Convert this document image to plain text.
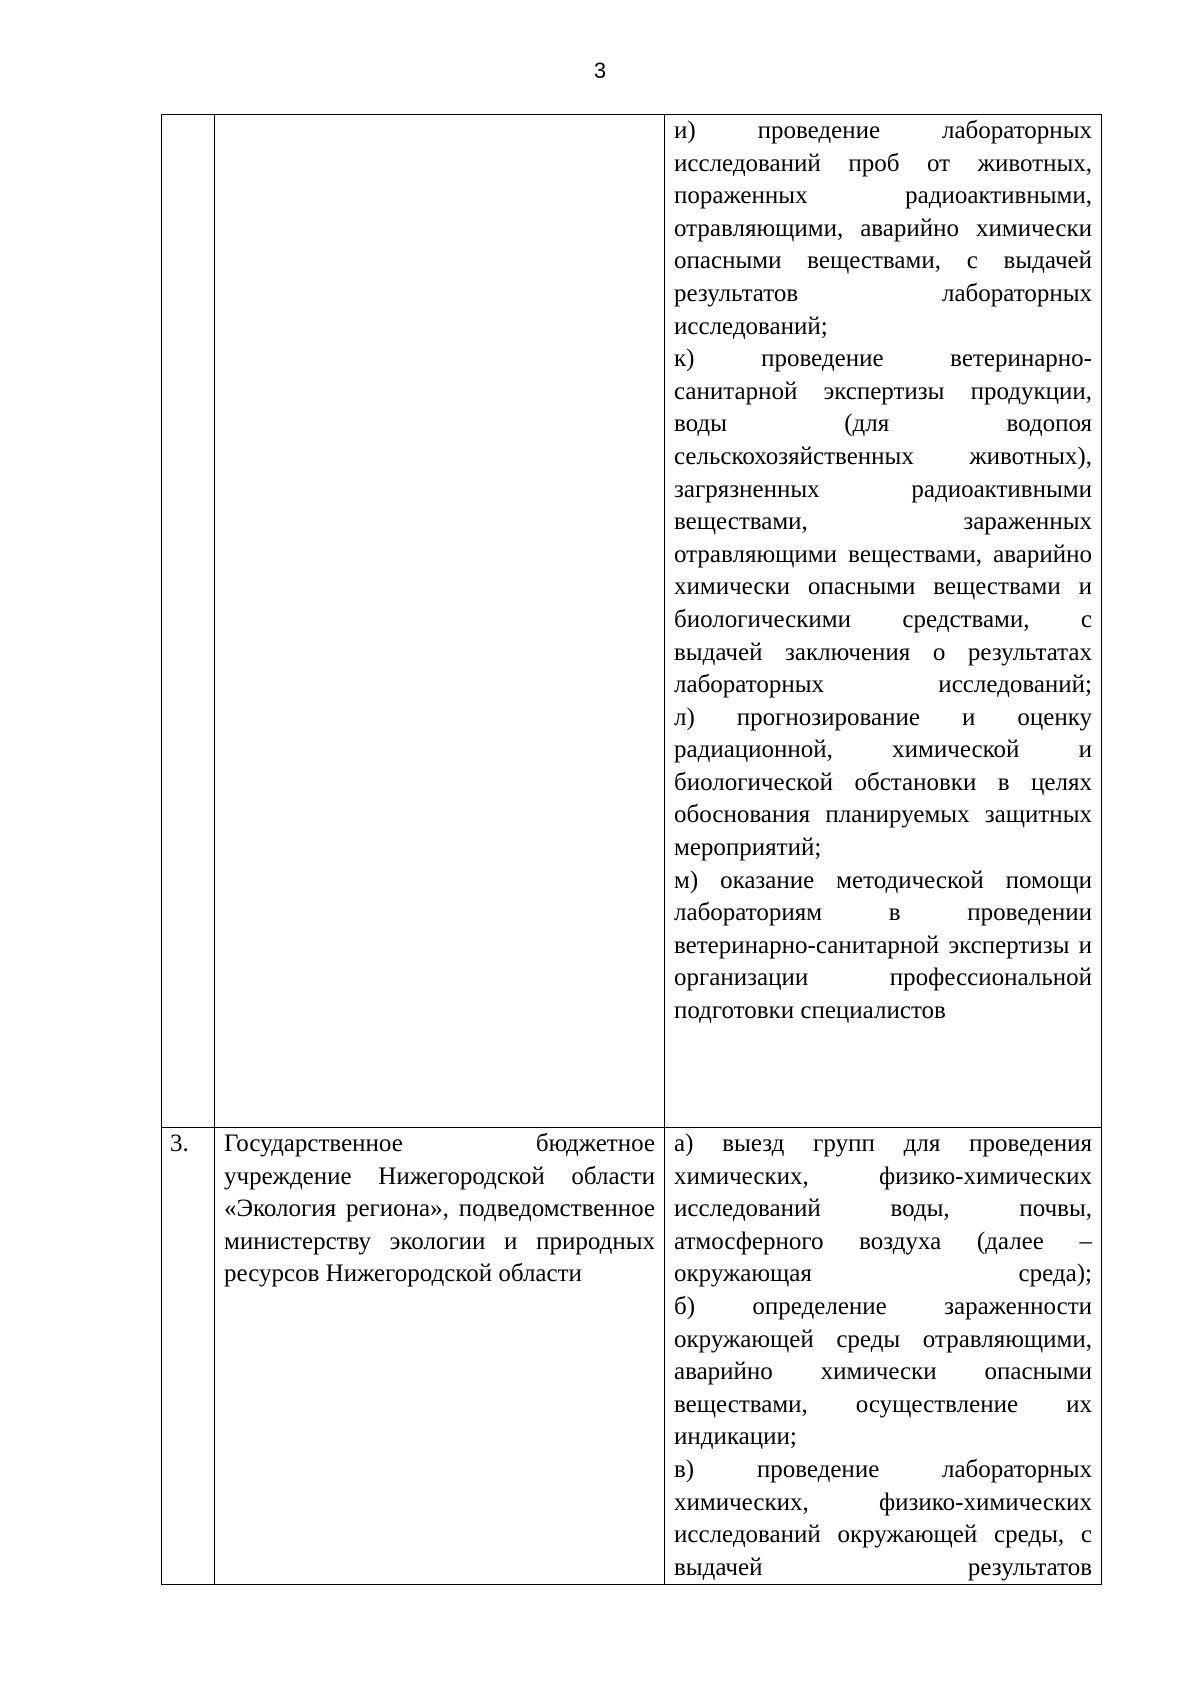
3

		и) проведение лабораторных исследований проб от животных, пораженных радиоактивными, отравляющими, аварийно химически опасными веществами, с выдачей результатов лабораторных исследований;
к) проведение ветеринарно-санитарной экспертизы продукции, воды (для водопоя сельскохозяйственных животных), загрязненных радиоактивными веществами, зараженных отравляющими веществами, аварийно химически опасными веществами и биологическими средствами, с выдачей заключения о результатах лабораторных исследований;
л) прогнозирование и оценку радиационной, химической и биологической обстановки в целях обоснования планируемых защитных мероприятий;
м) оказание методической помощи лабораториям в проведении ветеринарно-санитарной экспертизы и организации профессиональной подготовки специалистов

3.	Государственное бюджетное учреждение Нижегородской области «Экология региона», подведомственное министерству экологии и природных ресурсов Нижегородской области	а) выезд групп для проведения химических, физико-химических исследований воды, почвы, атмосферного воздуха (далее – окружающая среда);
б) определение зараженности окружающей среды отравляющими, аварийно химически опасными веществами, осуществление их индикации;
в) проведение лабораторных химических, физико-химических исследований окружающей среды, с выдачей результатов
